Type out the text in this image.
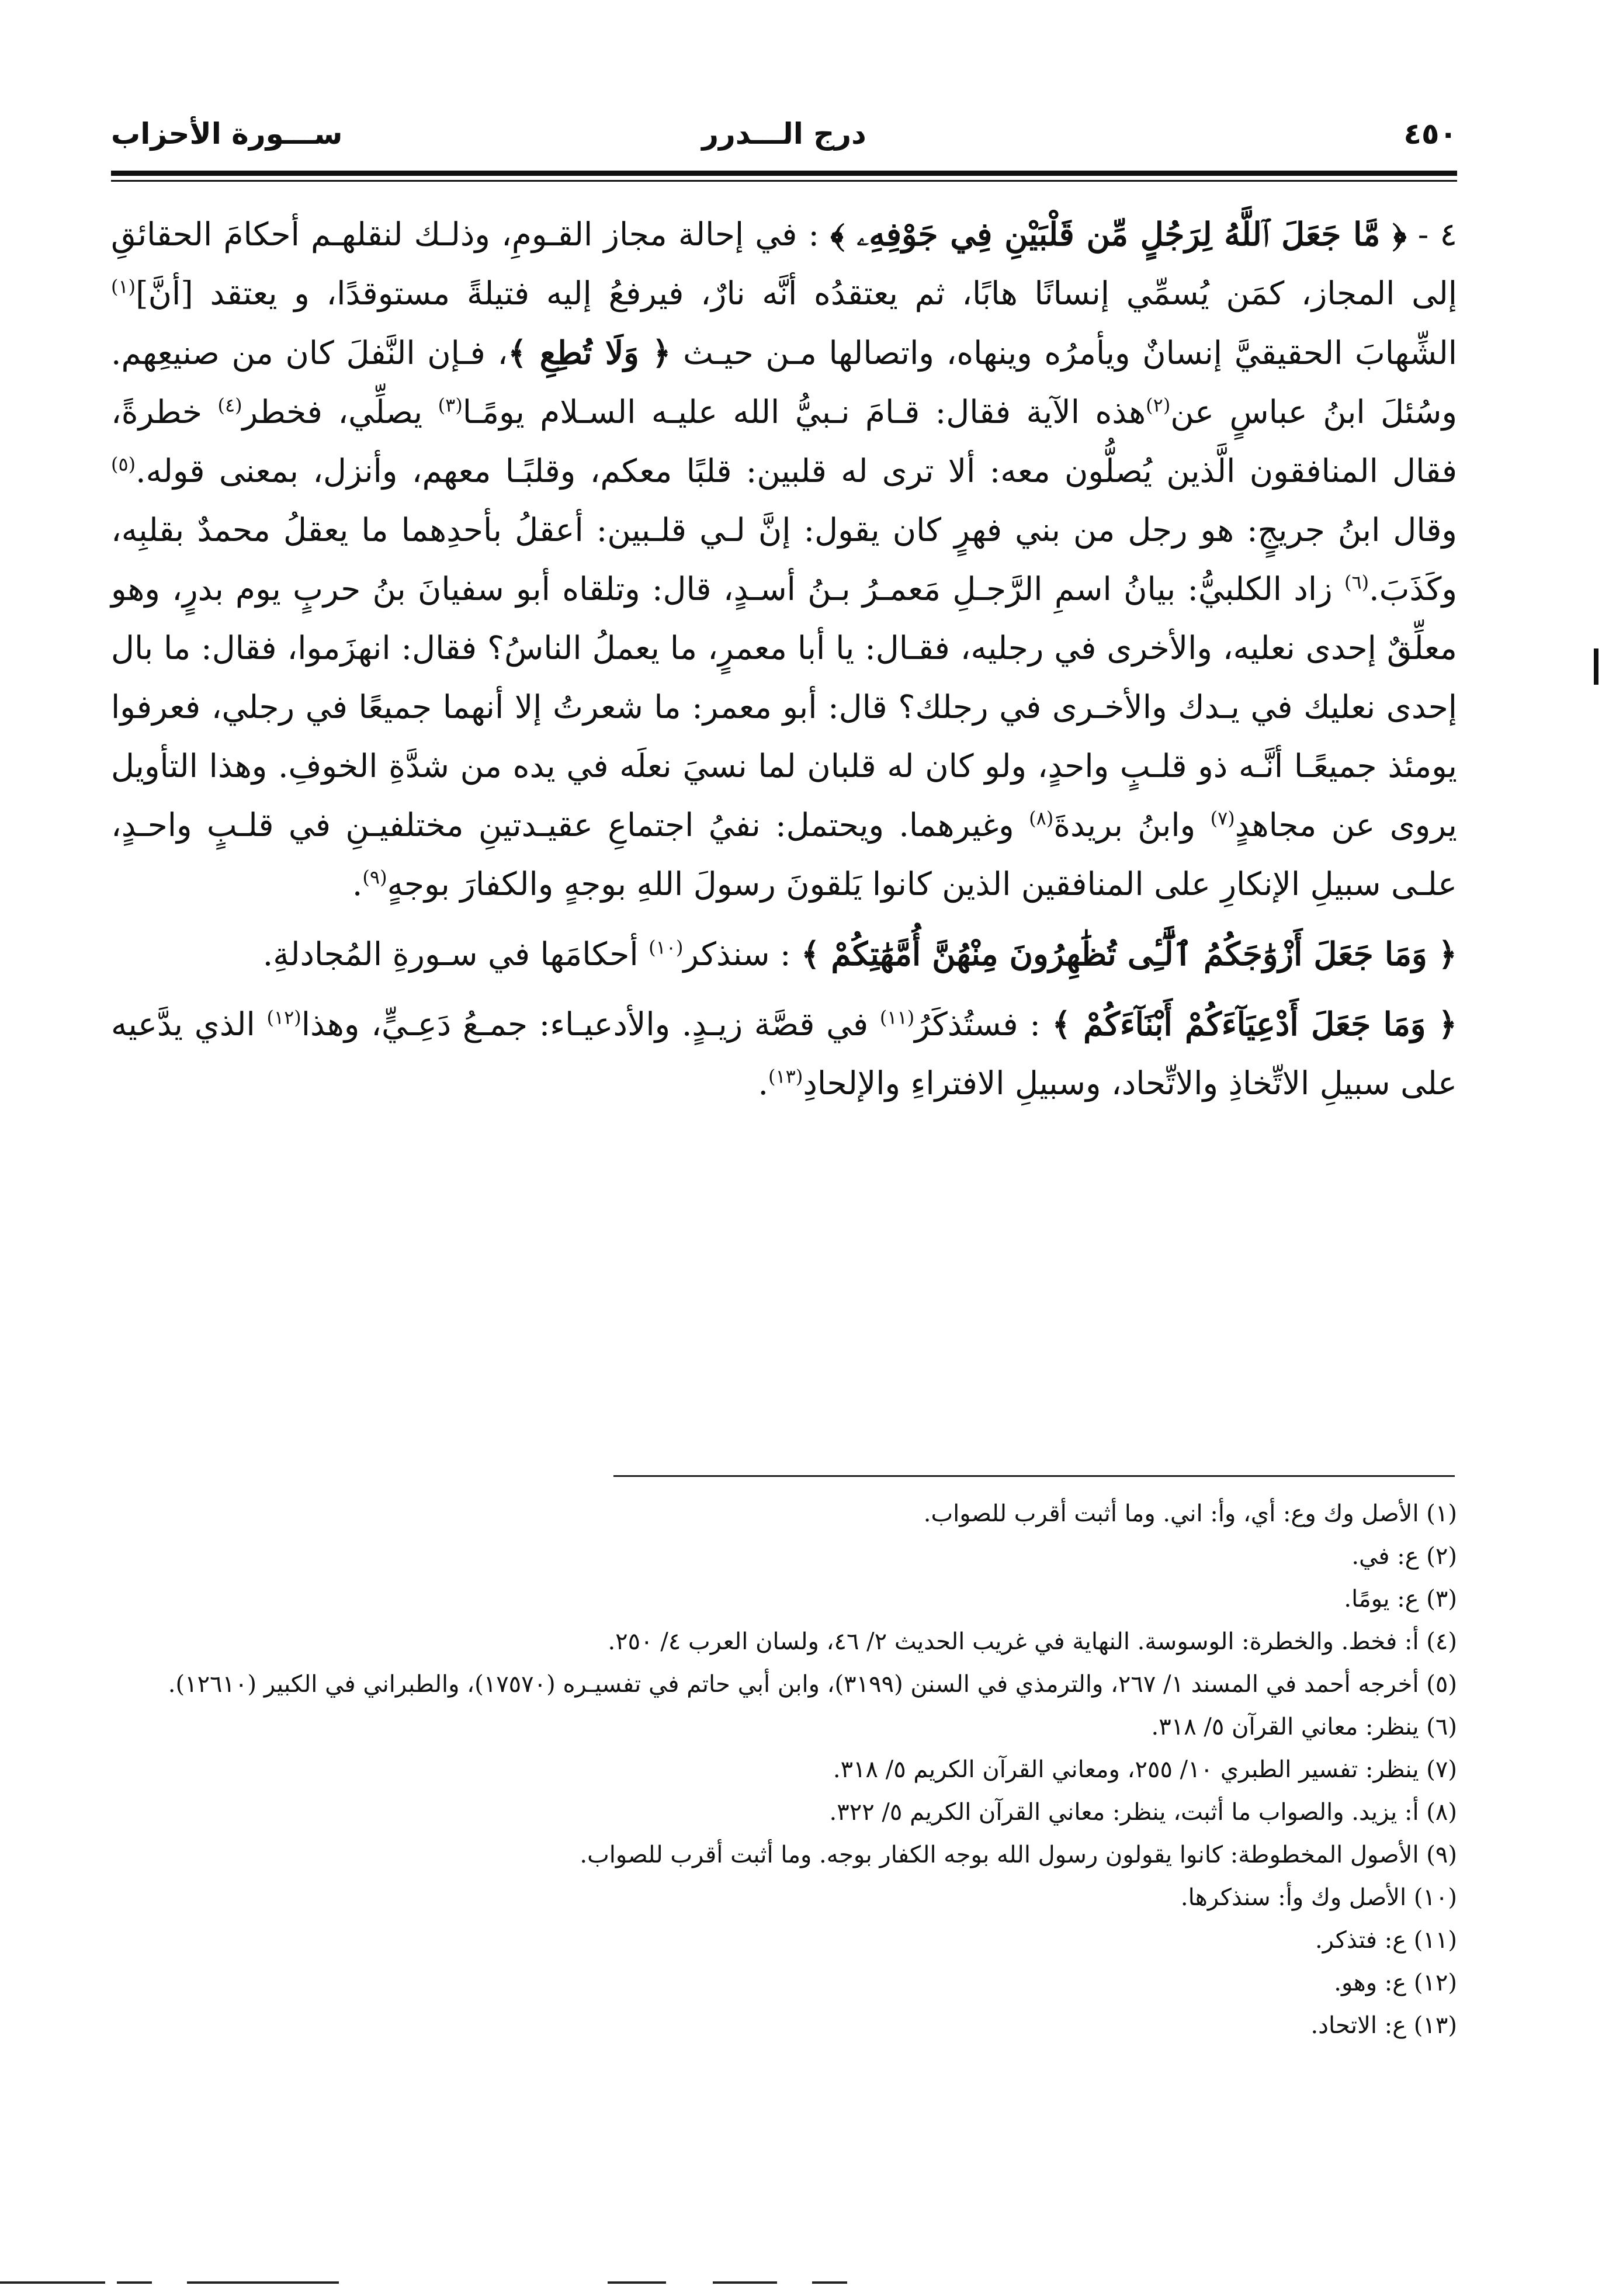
٤٥٠
درج الـــدرر
ســـورة الأحزاب

٤ - ﴿ مَّا جَعَلَ ٱللَّهُ لِرَجُلٍ مِّن قَلْبَيْنِ فِي جَوْفِهِۦ ﴾ : في إحالة مجاز القـومِ، وذلـك لنقلهـم أحكامَ الحقائقِ إلى المجاز، كمَن يُسمِّي إنسانًا هابًا، ثم يعتقدُه أنَّه نارٌ، فيرفعُ إليه فتيلةً مستوقدًا، و يعتقد [أنَّ]$^{(١)}$ الشِّهابَ الحقيقيَّ إنسانٌ ويأمرُه وينهاه، واتصالها مـن حيـث ﴿ وَلَا تُطِعِ ﴾، فـإن النَّفلَ كان من صنيعِهم. وسُئلَ ابنُ عباسٍ عن$^{(٢)}$هذه الآية فقال: قـامَ نـبيُّ الله عليـه السـلام يومًـا$^{(٣)}$ يصلِّي، فخطر$^{(٤)}$ خطرةً، فقال المنافقون الَّذين يُصلُّون معه: ألا ترى له قلبين: قلبًا معكم، وقلبًـا معهم، وأنزل، بمعنى قوله.$^{(٥)}$ وقال ابنُ جريجٍ: هو رجل من بني فهرٍ كان يقول: إنَّ لـي قلـبين: أعقلُ بأحدِهما ما يعقلُ محمدٌ بقلبِه، وكَذَبَ.$^{(٦)}$ زاد الكلبيُّ: بيانُ اسمِ الرَّجـلِ مَعمـرُ بـنُ أسـدٍ، قال: وتلقاه أبو سفيانَ بنُ حربٍ يوم بدرٍ، وهو معلِّقٌ إحدى نعليه، والأخرى في رجليه، فقـال: يا أبا معمرٍ، ما يعملُ الناسُ؟ فقال: انهزَموا، فقال: ما بال إحدى نعليك في يـدك والأخـرى في رجلك؟ قال: أبو معمر: ما شعرتُ إلا أنهما جميعًا في رجلي، فعرفوا يومئذ جميعًـا أنَّـه ذو قلـبٍ واحدٍ، ولو كان له قلبان لما نسيَ نعلَه في يده من شدَّةِ الخوفِ. وهذا التأويل يروى عن مجاهدٍ$^{(٧)}$ وابنُ بريدةَ$^{(٨)}$ وغيرهما. ويحتمل: نفيُ اجتماعِ عقيـدتينِ مختلفيـنِ في قلـبٍ واحـدٍ، علـى سبيلِ الإنكارِ على المنافقين الذين كانوا يَلقونَ رسولَ اللهِ بوجهٍ والكفارَ بوجهٍ$^{(٩)}$.

﴿ وَمَا جَعَلَ أَزْوَٰجَكُمُ ٱلَّٰٓـِٔى تُظَٰهِرُونَ مِنْهُنَّ أُمَّهَٰتِكُمْ ﴾ : سنذكر$^{(١٠)}$ أحكامَها في سـورةِ المُجادلةِ.

﴿ وَمَا جَعَلَ أَدْعِيَآءَكُمْ أَبْنَآءَكُمْ ﴾ : فستُذكَرُ$^{(١١)}$ في قصَّة زيـدٍ. والأدعيـاء: جمـعُ دَعِـيٍّ، وهذا$^{(١٢)}$ الذي يدَّعيه على سبيلِ الاتِّخاذِ والاتِّحاد، وسبيلِ الافتراءِ والإلحادِ$^{(١٣)}$.

(١) الأصل وك وع: أي، وأ: اني. وما أثبت أقرب للصواب.

(٢) ع: في.

(٣) ع: يومًا.

(٤) أ: فخط. والخطرة: الوسوسة. النهاية في غريب الحديث ٢/ ٤٦، ولسان العرب ٤/ ٢٥٠.

(٥) أخرجه أحمد في المسند ١/ ٢٦٧، والترمذي في السنن (٣١٩٩)، وابن أبي حاتم في تفسيـره (١٧٥٧٠)، والطبراني في الكبير (١٢٦١٠).

(٦) ينظر: معاني القرآن ٥/ ٣١٨.

(٧) ينظر: تفسير الطبري ١٠/ ٢٥٥، ومعاني القرآن الكريم ٥/ ٣١٨.

(٨) أ: يزيد. والصواب ما أثبت، ينظر: معاني القرآن الكريم ٥/ ٣٢٢.

(٩) الأصول المخطوطة: كانوا يقولون رسول الله بوجه الكفار بوجه. وما أثبت أقرب للصواب.

(١٠) الأصل وك وأ: سنذكرها.

(١١) ع: فتذكر.

(١٢) ع: وهو.

(١٣) ع: الاتحاد.
